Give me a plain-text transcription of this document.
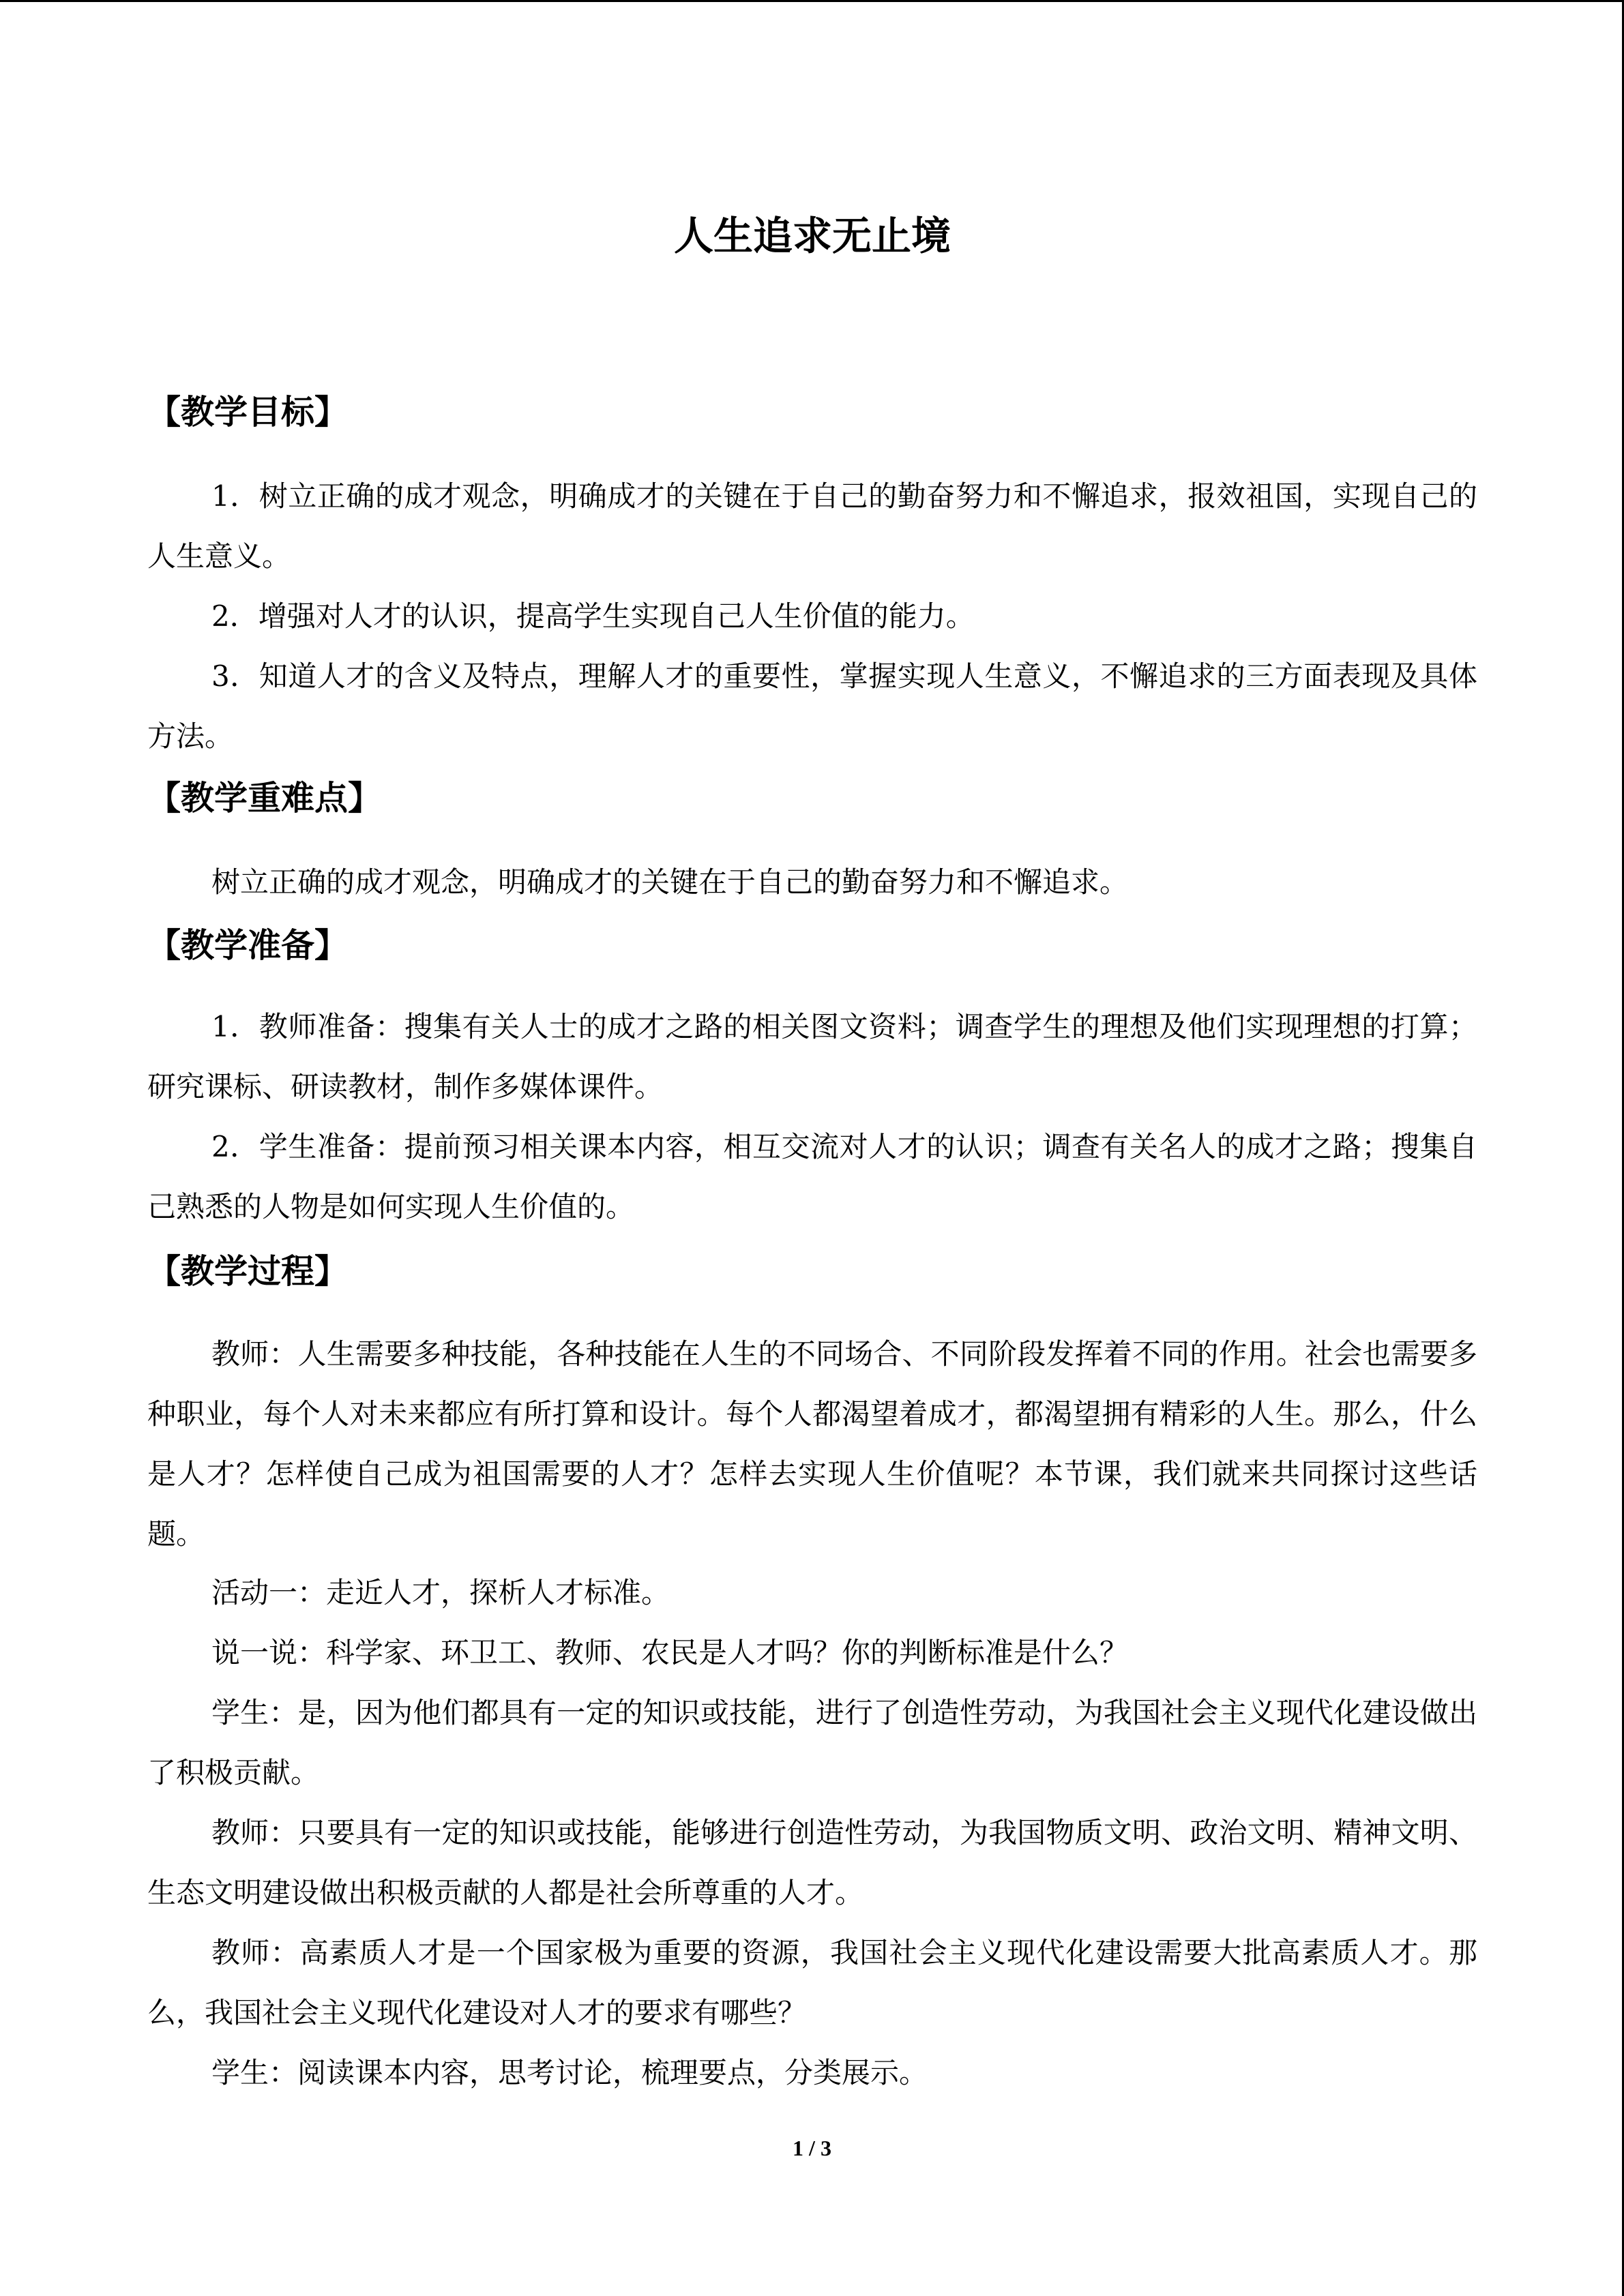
人生追求无止境
【教学目标】

1．树立正确的成才观念，明确成才的关键在于自己的勤奋努力和不懈追求，报效祖国，实现自己的人生意义。

2．增强对人才的认识，提高学生实现自己人生价值的能力。

3．知道人才的含义及特点，理解人才的重要性，掌握实现人生意义，不懈追求的三方面表现及具体方法。

【教学重难点】

树立正确的成才观念，明确成才的关键在于自己的勤奋努力和不懈追求。

【教学准备】

1．教师准备：搜集有关人士的成才之路的相关图文资料；调查学生的理想及他们实现理想的打算；研究课标、研读教材，制作多媒体课件。

2．学生准备：提前预习相关课本内容，相互交流对人才的认识；调查有关名人的成才之路；搜集自己熟悉的人物是如何实现人生价值的。

【教学过程】

教师：人生需要多种技能，各种技能在人生的不同场合、不同阶段发挥着不同的作用。社会也需要多种职业，每个人对未来都应有所打算和设计。每个人都渴望着成才，都渴望拥有精彩的人生。那么，什么是人才？怎样使自己成为祖国需要的人才？怎样去实现人生价值呢？本节课，我们就来共同探讨这些话题。

活动一：走近人才，探析人才标准。

说一说：科学家、环卫工、教师、农民是人才吗？你的判断标准是什么？

学生：是，因为他们都具有一定的知识或技能，进行了创造性劳动，为我国社会主义现代化建设做出了积极贡献。

教师：只要具有一定的知识或技能，能够进行创造性劳动，为我国物质文明、政治文明、精神文明、生态文明建设做出积极贡献的人都是社会所尊重的人才。

教师：高素质人才是一个国家极为重要的资源，我国社会主义现代化建设需要大批高素质人才。那么，我国社会主义现代化建设对人才的要求有哪些？

学生：阅读课本内容，思考讨论，梳理要点，分类展示。

1 / 3
